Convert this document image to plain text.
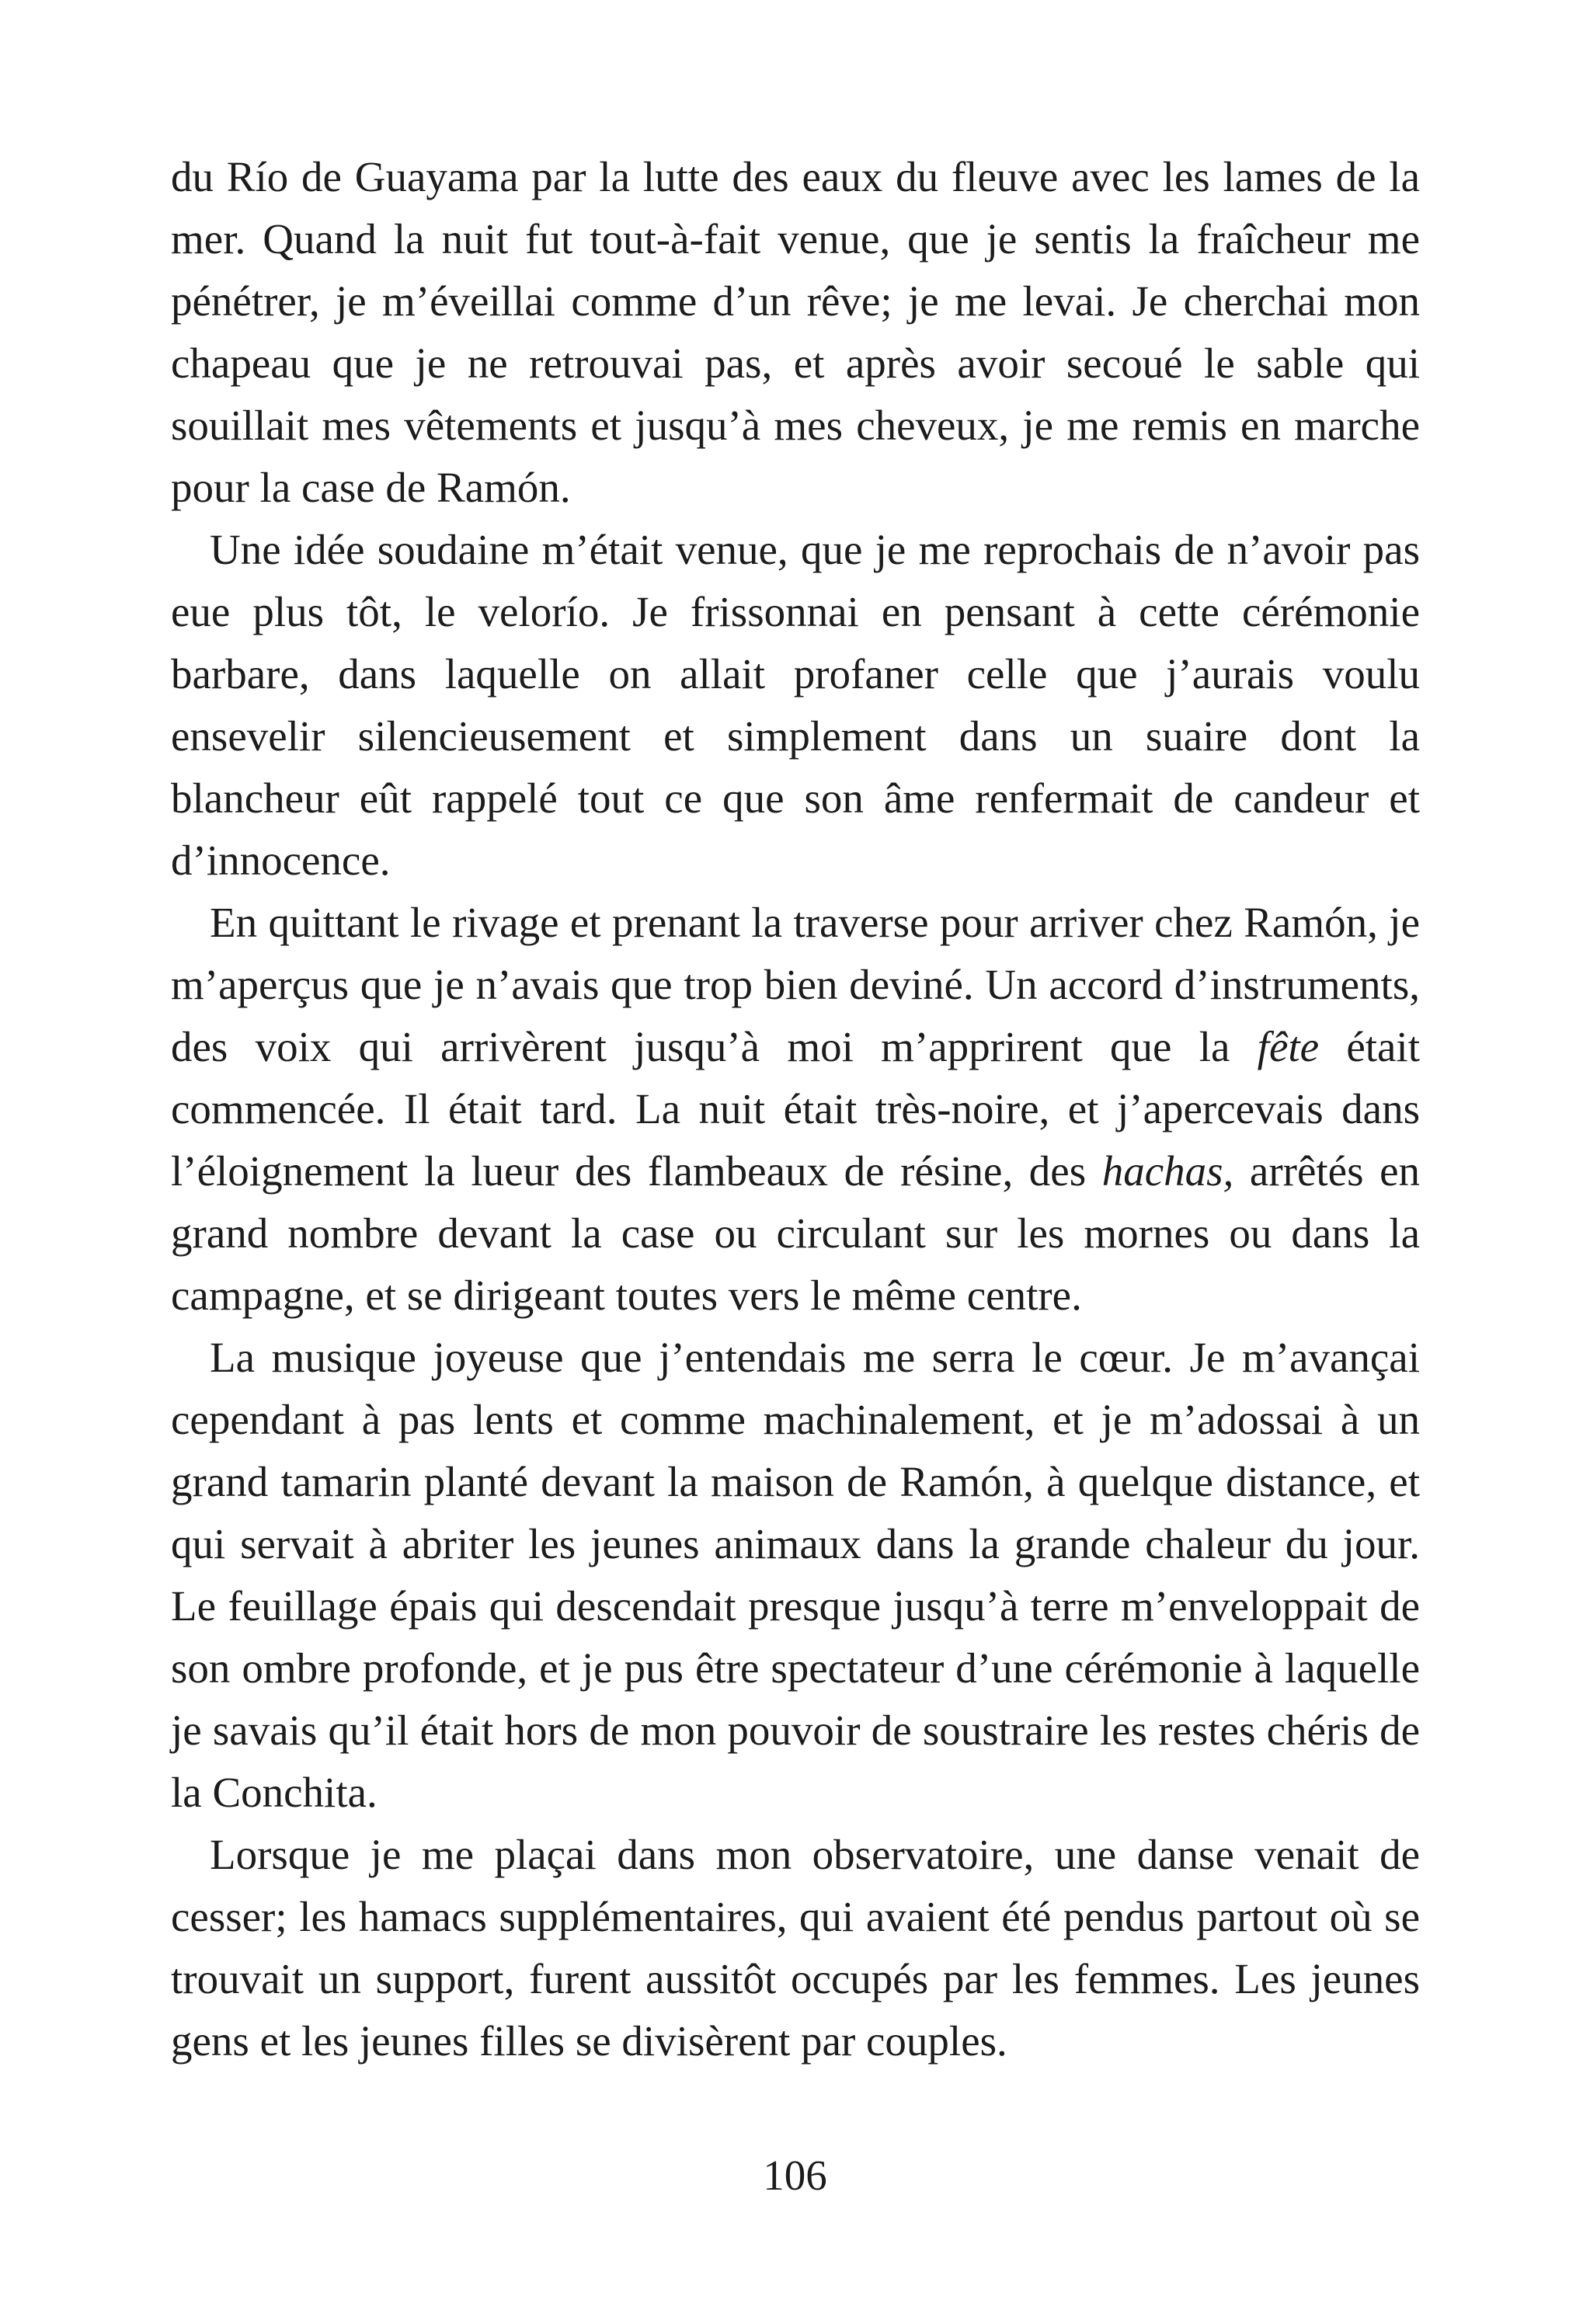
du Río de Guayama par la lutte des eaux du fleuve avec les lames de la mer. Quand la nuit fut tout-à-fait venue, que je sentis la fraîcheur me pénétrer, je m’éveillai comme d’un rêve; je me levai. Je cherchai mon chapeau que je ne retrouvai pas, et après avoir secoué le sable qui souillait mes vêtements et jusqu’à mes cheveux, je me remis en marche pour la case de Ramón.

Une idée soudaine m’était venue, que je me reprochais de n’avoir pas eue plus tôt, le velorío. Je frissonnai en pensant à cette cérémonie barbare, dans laquelle on allait profaner celle que j’aurais voulu ensevelir silencieusement et simplement dans un suaire dont la blancheur eût rappelé tout ce que son âme renfermait de candeur et d’innocence.

En quittant le rivage et prenant la traverse pour arriver chez Ramón, je m’aperçus que je n’avais que trop bien deviné. Un accord d’instruments, des voix qui arrivèrent jusqu’à moi m’apprirent que la fête était commencée. Il était tard. La nuit était très-noire, et j’apercevais dans l’éloignement la lueur des flambeaux de résine, des hachas, arrêtés en grand nombre devant la case ou circulant sur les mornes ou dans la campagne, et se dirigeant toutes vers le même centre.

La musique joyeuse que j’entendais me serra le cœur. Je m’avançai cependant à pas lents et comme machinalement, et je m’adossai à un grand tamarin planté devant la maison de Ramón, à quelque distance, et qui servait à abriter les jeunes animaux dans la grande chaleur du jour. Le feuillage épais qui descendait presque jusqu’à terre m’enveloppait de son ombre profonde, et je pus être spectateur d’une cérémonie à laquelle je savais qu’il était hors de mon pouvoir de soustraire les restes chéris de la Conchita.

Lorsque je me plaçai dans mon observatoire, une danse venait de cesser; les hamacs supplémentaires, qui avaient été pendus partout où se trouvait un support, furent aussitôt occupés par les femmes. Les jeunes gens et les jeunes filles se divisèrent par couples.

106
